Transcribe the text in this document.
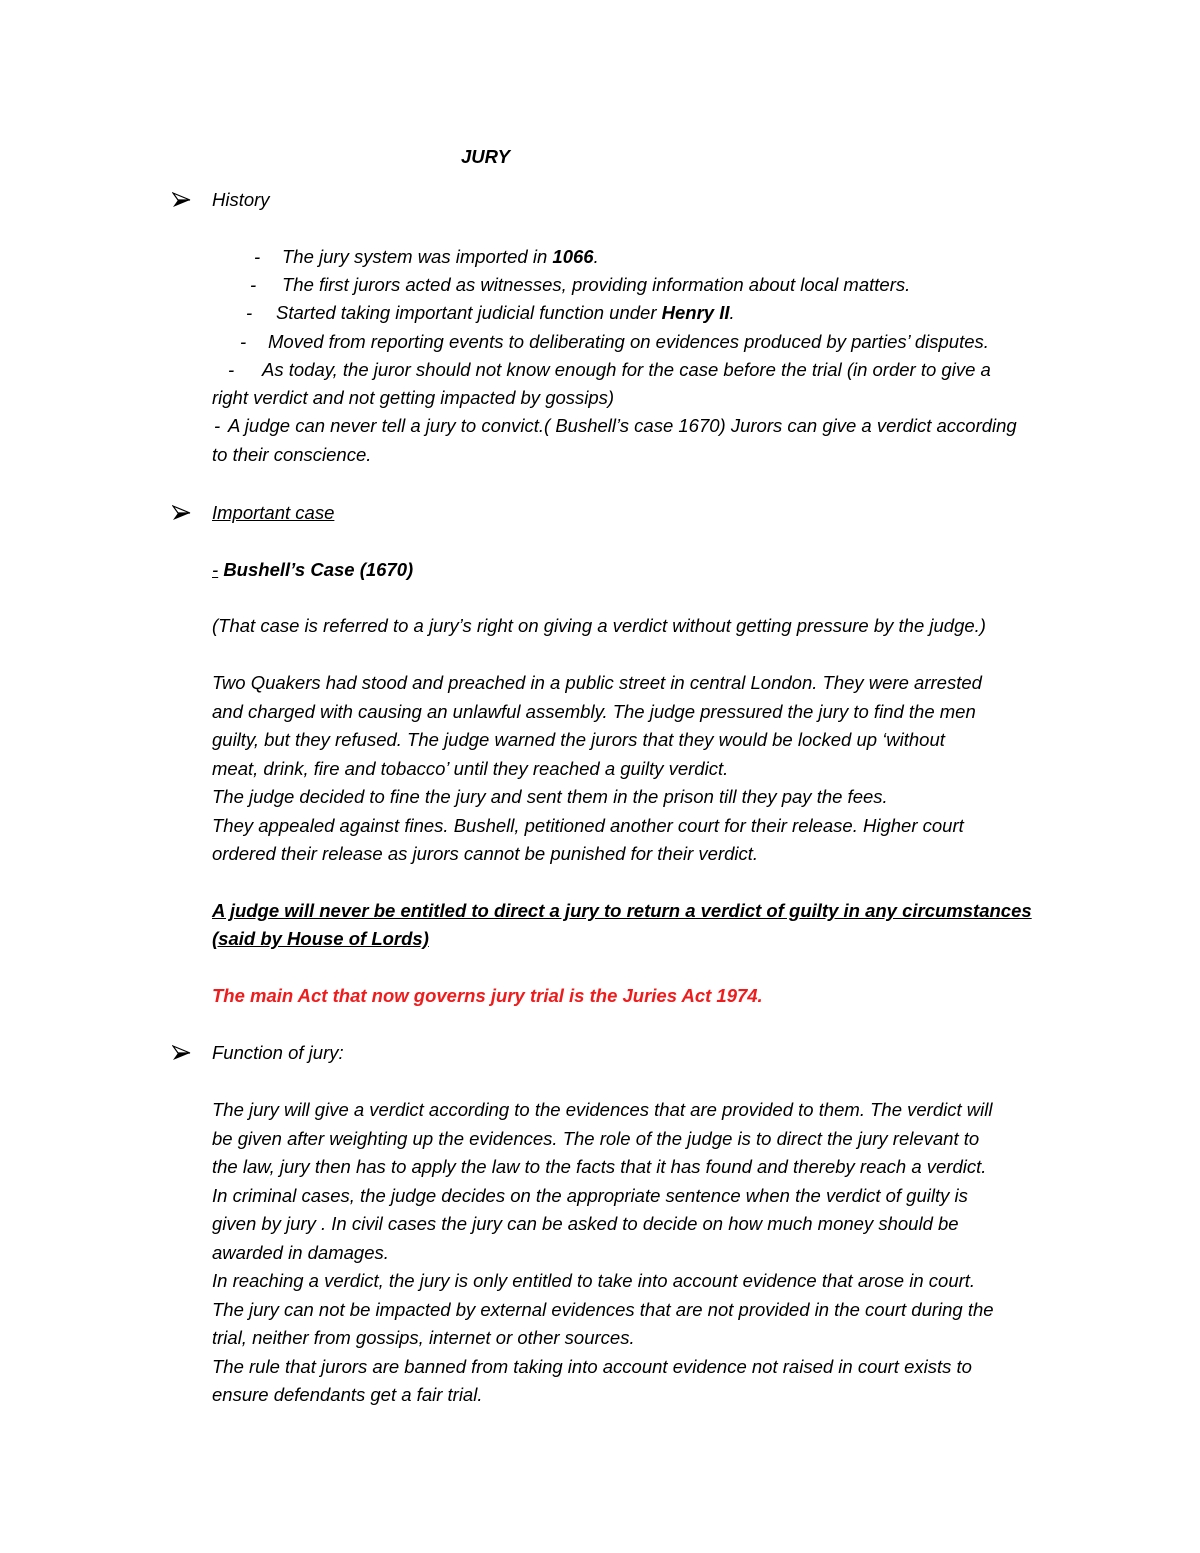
JURY
History
- The jury system was imported in 1066.
- The first jurors acted as witnesses, providing information about local matters.
- Started taking important judicial function under Henry II.
- Moved from reporting events to deliberating on evidences produced by parties’ disputes.
- As today, the juror should not know enough for the case before the trial (in order to give a
right verdict and not getting impacted by gossips)
- A judge can never tell a jury to convict.( Bushell’s case 1670) Jurors can give a verdict according
to their conscience.
Important case
- Bushell’s Case (1670)
(That case is referred to a jury’s right on giving a verdict without getting pressure by the judge.)
Two Quakers had stood and preached in a public street in central London. They were arrested
and charged with causing an unlawful assembly. The judge pressured the jury to find the men
guilty, but they refused. The judge warned the jurors that they would be locked up ‘without
meat, drink, fire and tobacco’ until they reached a guilty verdict.
The judge decided to fine the jury and sent them in the prison till they pay the fees.
They appealed against fines. Bushell, petitioned another court for their release. Higher court
ordered their release as jurors cannot be punished for their verdict.
A judge will never be entitled to direct a jury to return a verdict of guilty in any circumstances
(said by House of Lords)
The main Act that now governs jury trial is the Juries Act 1974.
Function of jury:
The jury will give a verdict according to the evidences that are provided to them. The verdict will
be given after weighting up the evidences. The role of the judge is to direct the jury relevant to
the law, jury then has to apply the law to the facts that it has found and thereby reach a verdict.
In criminal cases, the judge decides on the appropriate sentence when the verdict of guilty is
given by jury . In civil cases the jury can be asked to decide on how much money should be
awarded in damages.
In reaching a verdict, the jury is only entitled to take into account evidence that arose in court.
The jury can not be impacted by external evidences that are not provided in the court during the
trial, neither from gossips, internet or other sources.
The rule that jurors are banned from taking into account evidence not raised in court exists to
ensure defendants get a fair trial.
